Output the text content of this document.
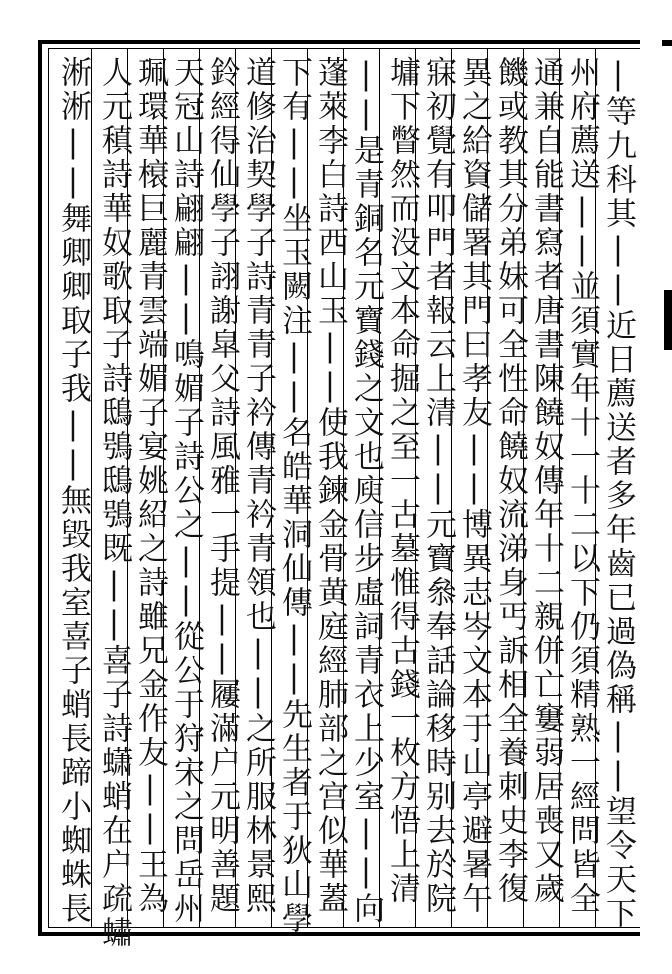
|等九科其||近日薦送者多年齒已過偽稱||望令天下
州府薦送||並須實年十一十二以下仍須精熟一經問皆全
通兼自能書寫者唐書陳饒奴傳年十二親併亡窶弱居喪又歲
饑或教其分弟妹可全性命饒奴流涕身丐訴相全養刺史李復
異之給資儲署其門曰孝友||博異志岑文本于山亭避暑午
寐初覺有叩門者報云上清||元寶叅奉話論移時别去於院
墉下瞥然而没文本命掘之至一古墓惟得古錢一枚方悟上清
||是青銅名元寶錢之文也庾信步虛詞青衣上少室||向
蓬萊李白詩西山玉||使我鍊金骨黄庭經肺部之宫似華蓋
下有||坐玉闕注||名皓華洞仙傳||先生者于狄山學
道修治契學子詩青青子衿傳青衿青領也||之所服林景熙
鈴經得仙學子詡謝皐父詩風雅一手提||屨滿户元明善題
天冠山詩翩翩||鳴媚子詩公之||從公于狩宋之問岳州
珮環華榱巨麗青雲端媚子宴姚紹之詩雖兄金作友||王為
人元稹詩華奴歌取子詩鴟鴞鴟鴞既||喜子詩蟏蛸在户疏蟰
淅淅||舞卿卿取子我||無毀我室喜子蛸長蹄小蜘蛛長
